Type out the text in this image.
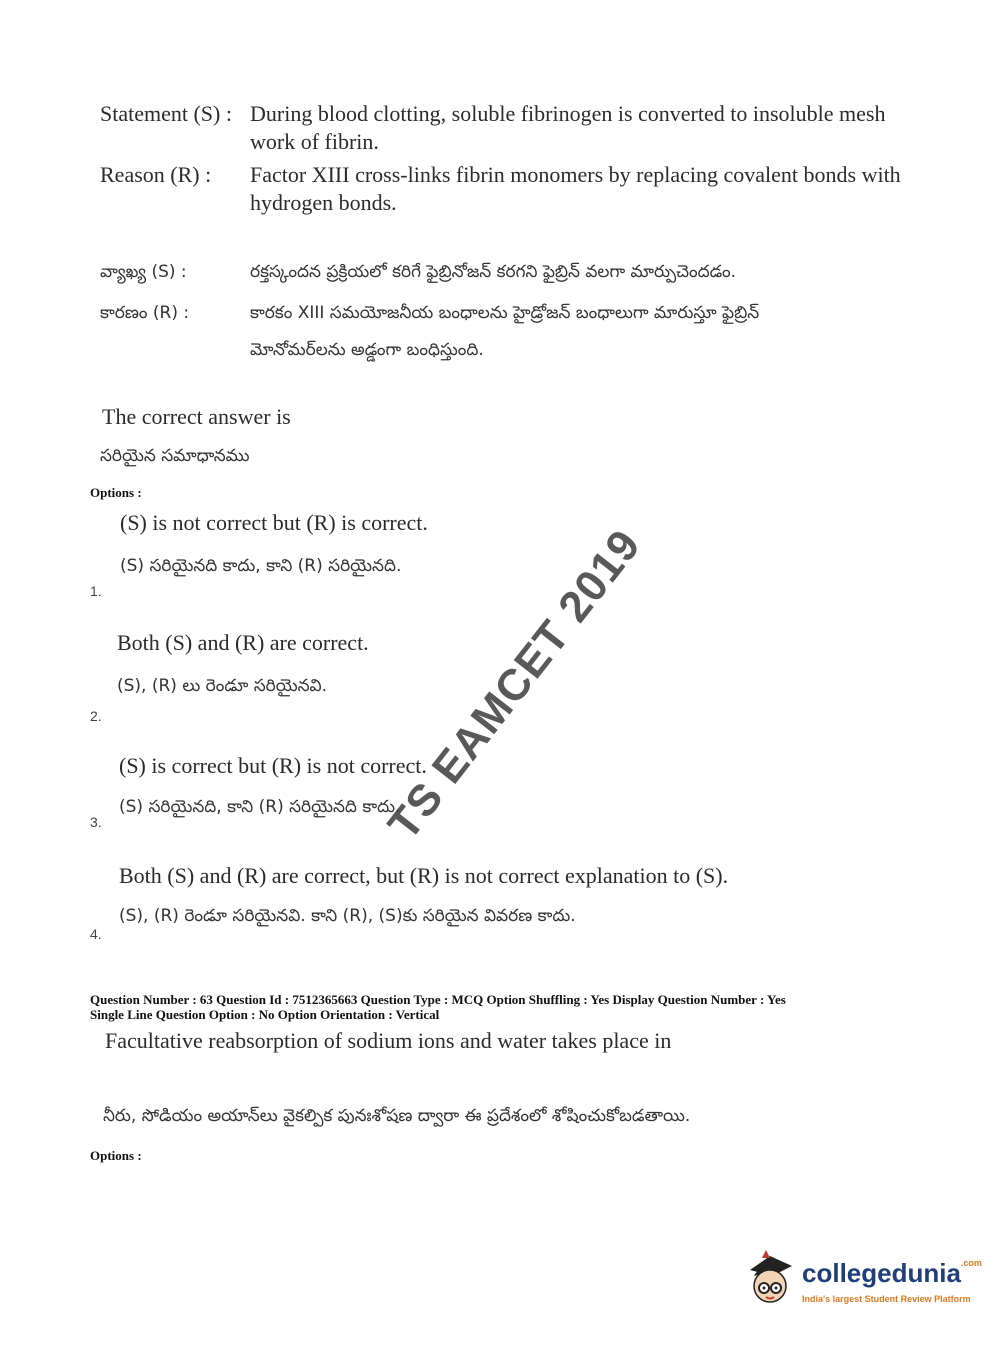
Statement (S) : During blood clotting, soluble fibrinogen is converted to insoluble mesh
work of fibrin.
Reason (R) : Factor XIII cross-links fibrin monomers by replacing covalent bonds with
hydrogen bonds.
వ్యాఖ్య (S) :	రక్తస్కందన ప్రక్రియలో కరిగే ఫైబ్రినోజన్ కరగని ఫైబ్రిన్ వలగా మార్పుచెందడం.
కారణం (R) :	కారకం XIII సమయోజనీయ బంధాలను హైడ్రోజన్ బంధాలుగా మారుస్తూ ఫైబ్రిన్
మోనోమర్‌లను అడ్డంగా బంధిస్తుంది.
The correct answer is
సరియైన సమాధానము
Options :
(S) is not correct but (R) is correct.
(S) సరియైనది కాదు, కాని (R) సరియైనది.
1.
Both (S) and (R) are correct.
(S), (R) లు రెండూ సరియైనవి.
2.
(S) is correct but (R) is not correct.
(S) సరియైనది, కాని (R) సరియైనది కాదు.
3.
Both (S) and (R) are correct, but (R) is not correct explanation to (S).
(S), (R) రెండూ సరియైనవి. కాని (R), (S)కు సరియైన వివరణ కాదు.
4.
Question Number : 63 Question Id : 7512365663 Question Type : MCQ Option Shuffling : Yes Display Question Number : Yes
Single Line Question Option : No Option Orientation : Vertical
Facultative reabsorption of sodium ions and water takes place in
నీరు, సోడియం అయాన్‌లు వైకల్పిక పునఃశోషణ ద్వారా ఈ ప్రదేశంలో శోషించుకోబడతాయి.
Options :
TS EAMCET 2019
collegedunia$^{.com}$
India's largest Student Review Platform
